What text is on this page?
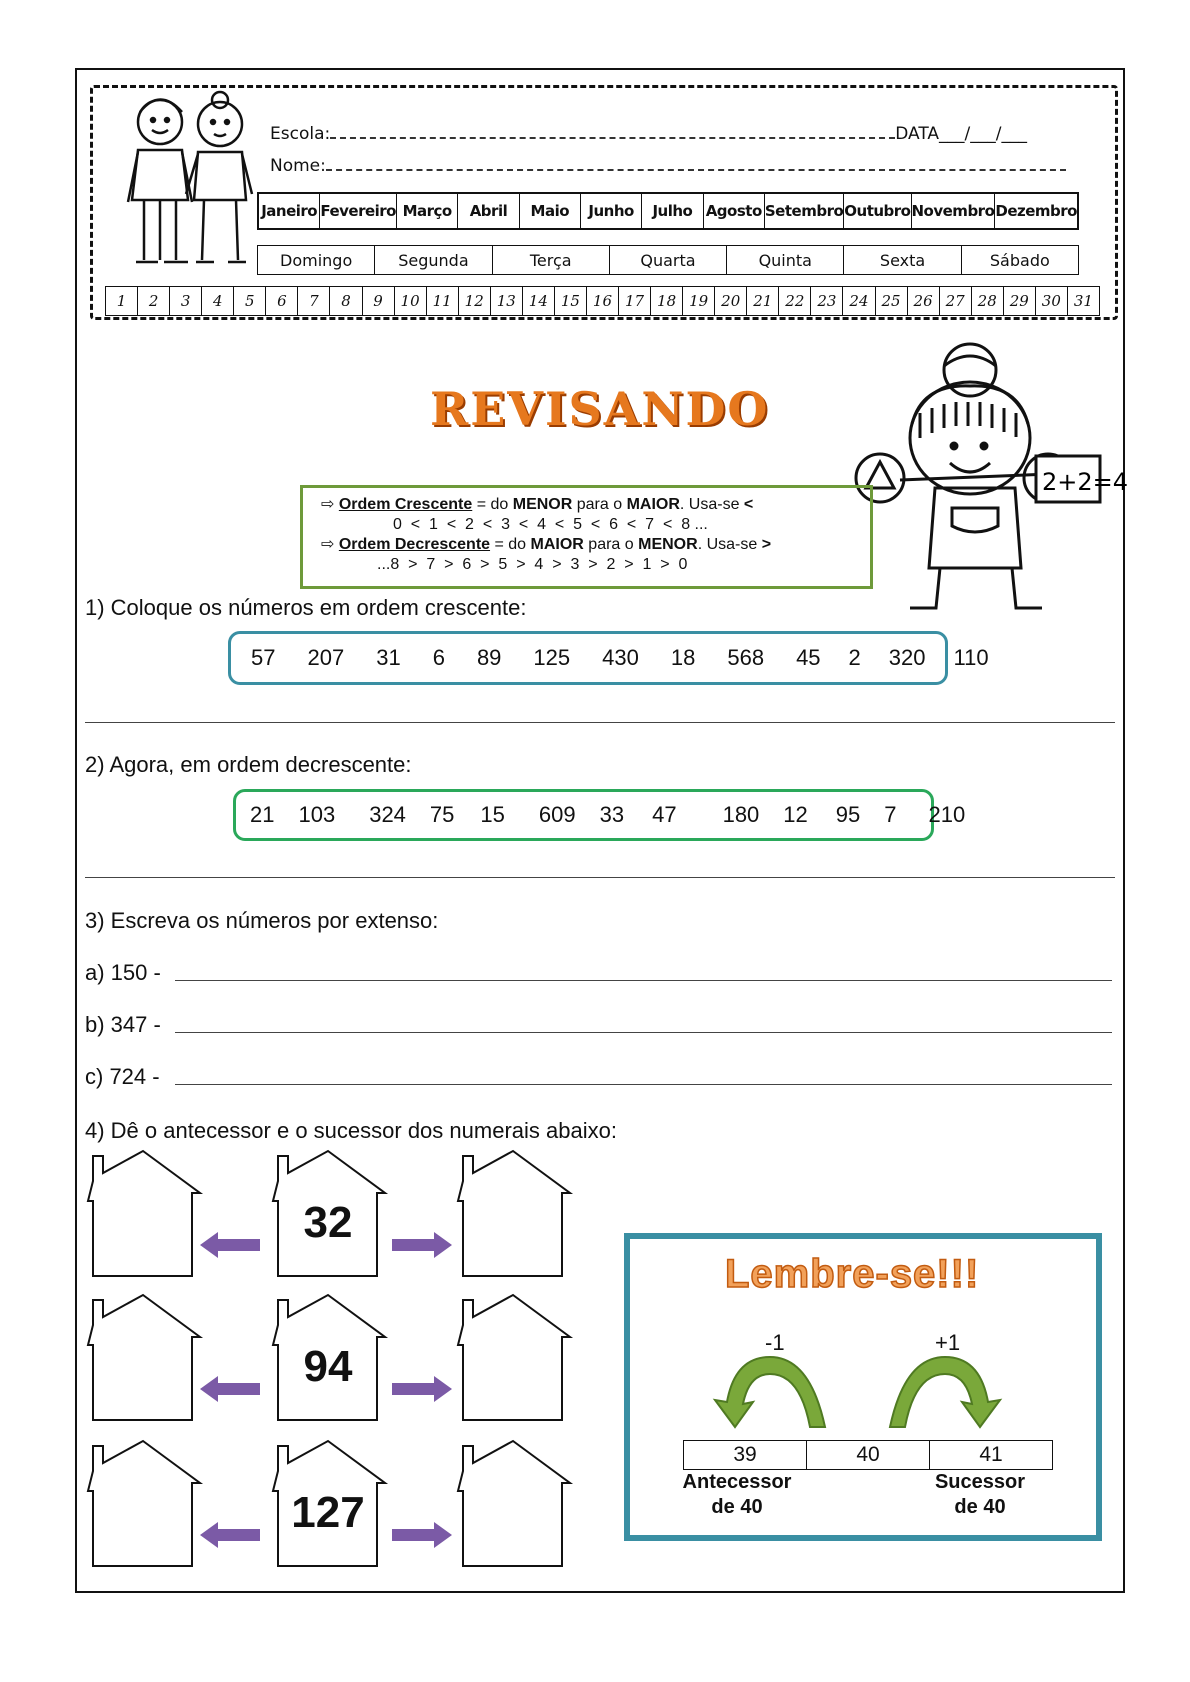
Escola:	DATA___/___/___
Nome:
Janeiro Fevereiro Março	Abril	Maio	Junho	Julho Agosto Setembro Outubro Novembro Dezembro
Domingo	Segunda	Terça	Quarta	Quinta	Sexta	Sábado
1	2	3	4	5	6	7	8	9	10 11 12 13 14 15 16 17 18 19 20 21 22 23 24 25 26 27 28 29 30 31
REVISANDO
2+2=4
⇨ Ordem Crescente = do MENOR para o MAIOR. Usa-se <
0  <  1  <  2  <  3  <  4  <  5  <  6  <  7  <  8 ...
⇨ Ordem Decrescente = do MAIOR para o MENOR. Usa-se >
...8  >  7  >  6  >  5  >  4  >  3  >  2  >  1  >  0
1) Coloque os números em ordem crescente:
57 207 31 6 89 125 430 18 568 45 2 320 110
2) Agora, em ordem decrescente:
21 103 324 75 15 609 33 47 180 12 95 7 210
3) Escreva os números por extenso:
a) 150 -
b) 347 -
c) 724 -
4) Dê o antecessor e o sucessor dos numerais abaixo:
32
94
127
Lembre-se!!!
-1	+1
39	40	41
Antecessor
de 40
Sucessor
de 40
